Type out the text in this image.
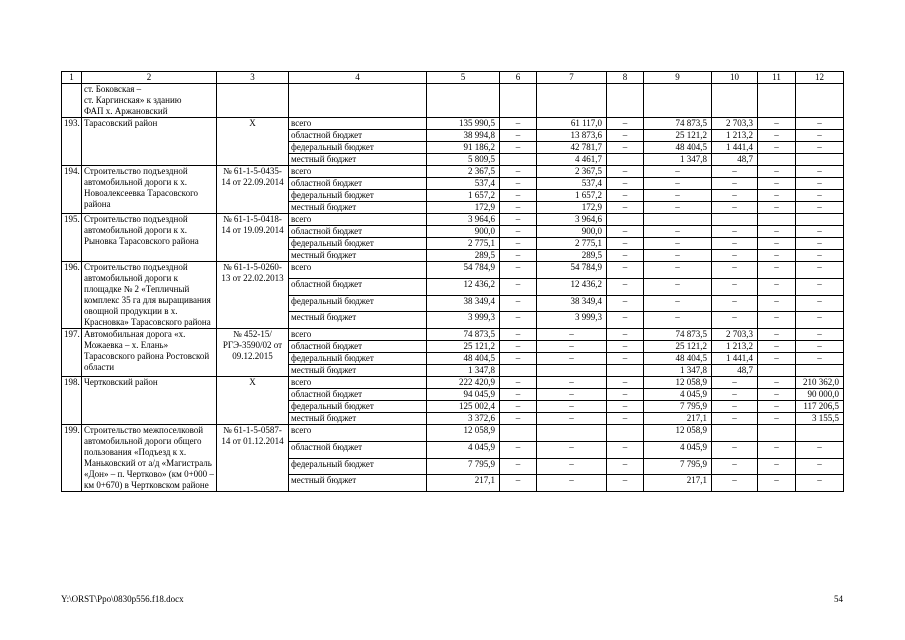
1	2	3	4	5	6	7	8	9	10	11	12
	ст. Боковская –
ст. Каргинская» к зданию
ФАП х. Аржановский										
193.	Тарасовский район	Х	всего	135 990,5	–	61 117,0	–	74 873,5	2 703,3	–	–
			областной бюджет	38 994,8	–	13 873,6	–	25 121,2	1 213,2	–	–
			федеральный бюджет	91 186,2	–	42 781,7	–	48 404,5	1 441,4	–	–
			местный бюджет	5 809,5		4 461,7		1 347,8	48,7		
194.	Строительство подъездной автомобильной дороги к х. Новоалексеевка Тарасовского района	№ 61-1-5-0435-14 от 22.09.2014	всего	2 367,5	–	2 367,5	–	–	–	–	–
			областной бюджет	537,4	–	537,4	–	–	–	–	–
			федеральный бюджет	1 657,2	–	1 657,2	–	–	–	–	–
			местный бюджет	172,9	–	172,9	–	–	–	–	–
195.	Строительство подъездной автомобильной дороги к х. Рыновка Тарасовского района	№ 61-1-5-0418-14 от 19.09.2014	всего	3 964,6	–	3 964,6					
			областной бюджет	900,0	–	900,0	–	–	–	–	–
			федеральный бюджет	2 775,1	–	2 775,1	–	–	–	–	–
			местный бюджет	289,5	–	289,5	–	–	–	–	–
196.	Строительство подъездной автомобильной дороги к площадке № 2 «Тепличный комплекс 35 га для выращивания овощной продукции в х. Красновка» Тарасовского района	№ 61-1-5-0260-13 от 22.02.2013	всего	54 784,9	–	54 784,9	–	–	–	–	–
			областной бюджет	12 436,2	–	12 436,2	–	–	–	–	–
			федеральный бюджет	38 349,4	–	38 349,4	–	–	–	–	–
			местный бюджет	3 999,3	–	3 999,3	–	–	–	–	–
197.	Автомобильная дорога «х. Можаевка – х. Елань» Тарасовского района Ростовской области	№ 452-15/РГЭ-3590/02 от 09.12.2015	всего	74 873,5	–	–	–	74 873,5	2 703,3	–	–
			областной бюджет	25 121,2	–	–	–	25 121,2	1 213,2	–	–
			федеральный бюджет	48 404,5	–	–	–	48 404,5	1 441,4	–	–
			местный бюджет	1 347,8				1 347,8	48,7		
198.	Чертковский район	Х	всего	222 420,9	–	–	–	12 058,9	–	–	210 362,0
			областной бюджет	94 045,9	–	–	–	4 045,9	–	–	90 000,0
			федеральный бюджет	125 002,4	–	–	–	7 795,9	–	–	117 206,5
			местный бюджет	3 372,6	–	–	–	217,1	–	–	3 155,5
199.	Строительство межпоселковой автомобильной дороги общего пользования «Подъезд к х. Маньковский от а/д «Магистраль «Дон» – п. Чертково» (км 0+000 – км 0+670) в Чертковском районе	№ 61-1-5-0587-14 от 01.12.2014	всего	12 058,9				12 058,9			
			областной бюджет	4 045,9	–	–	–	4 045,9	–	–	–
			федеральный бюджет	7 795,9	–	–	–	7 795,9	–	–	–
			местный бюджет	217,1	–	–	–	217,1	–	–	–
Y:\ORST\Ppo\0830p556.f18.docx	54
